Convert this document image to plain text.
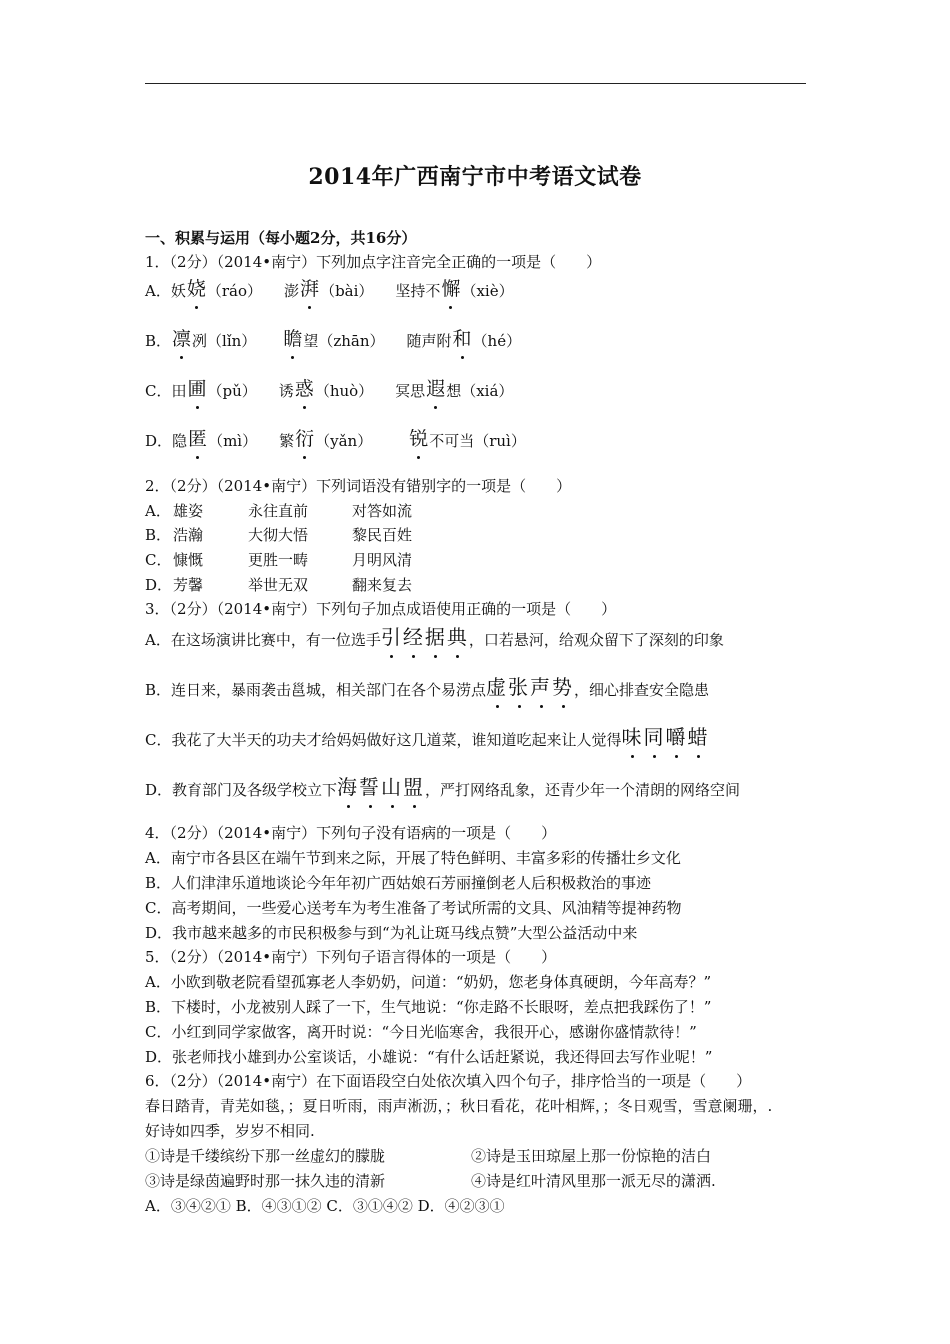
2014年广西南宁市中考语文试卷
一、积累与运用（每小题2分，共16分）
1．（2分）（2014•南宁）下列加点字注音完全正确的一项是（　　）
A． 妖 娆 （ráo） 澎 湃 （bài） 坚持不 懈 （xiè）
B． 凛 冽（lǐn） 瞻 望（zhān） 随声附 和 （hé）
C． 田 圃 （pǔ） 诱 惑 （huò） 冥思 遐 想（xiá）
D． 隐 匿 （mì） 繁 衍 （yǎn） 锐 不可当（ruì）
2．（2分）（2014•南宁）下列词语没有错别字的一项是（　　）
A． 雄姿	永往直前	对答如流
B． 浩瀚	大彻大悟	黎民百姓
C． 慷慨	更胜一畴	月明风清
D．芳馨	举世无双	翻来复去
3．（2分）（2014•南宁）下列句子加点成语使用正确的一项是（　　）
A．在这场演讲比赛中，有一位选手 引经据典 ，口若悬河，给观众留下了深刻的印象
B．连日来，暴雨袭击邕城，相关部门在各个易涝点 虚张声势 ，细心排查安全隐患
C．我花了大半天的功夫才给妈妈做好这几道菜，谁知道吃起来让人觉得 味同嚼蜡
D．教育部门及各级学校立下 海誓山盟 ，严打网络乱象，还青少年一个清朗的网络空间
4．（2分）（2014•南宁）下列句子没有语病的一项是（　　）
A．南宁市各县区在端午节到来之际，开展了特色鲜明、丰富多彩的传播壮乡文化
B．人们津津乐道地谈论今年年初广西姑娘石芳丽撞倒老人后积极救治的事迹
C．高考期间，一些爱心送考车为考生准备了考试所需的文具、风油精等提神药物
D．我市越来越多的市民积极参与到“为礼让斑马线点赞”大型公益活动中来
5．（2分）（2014•南宁）下列句子语言得体的一项是（　　）
A．小欧到敬老院看望孤寡老人李奶奶，问道：“奶奶，您老身体真硬朗，今年高寿？”
B．下楼时，小龙被别人踩了一下，生气地说：“你走路不长眼呀，差点把我踩伤了！”
C．小红到同学家做客，离开时说：“今日光临寒舍，我很开心，感谢你盛情款待！”
D．张老师找小雄到办公室谈话，小雄说：“有什么话赶紧说，我还得回去写作业呢！”
6．（2分）（2014•南宁）在下面语段空白处依次填入四个句子，排序恰当的一项是（　　）
春日踏青，青芜如毯，；夏日听雨，雨声淅沥，；秋日看花，花叶相辉，；冬日观雪，雪意阑珊，.
好诗如四季，岁岁不相同.
①诗是千缕缤纷下那一丝虚幻的朦胧	②诗是玉田琼屋上那一份惊艳的洁白
③诗是绿茵遍野时那一抹久违的清新	④诗是红叶清风里那一派无尽的潇洒.
A．③④②① B．④③①② C．③①④② D．④②③①
